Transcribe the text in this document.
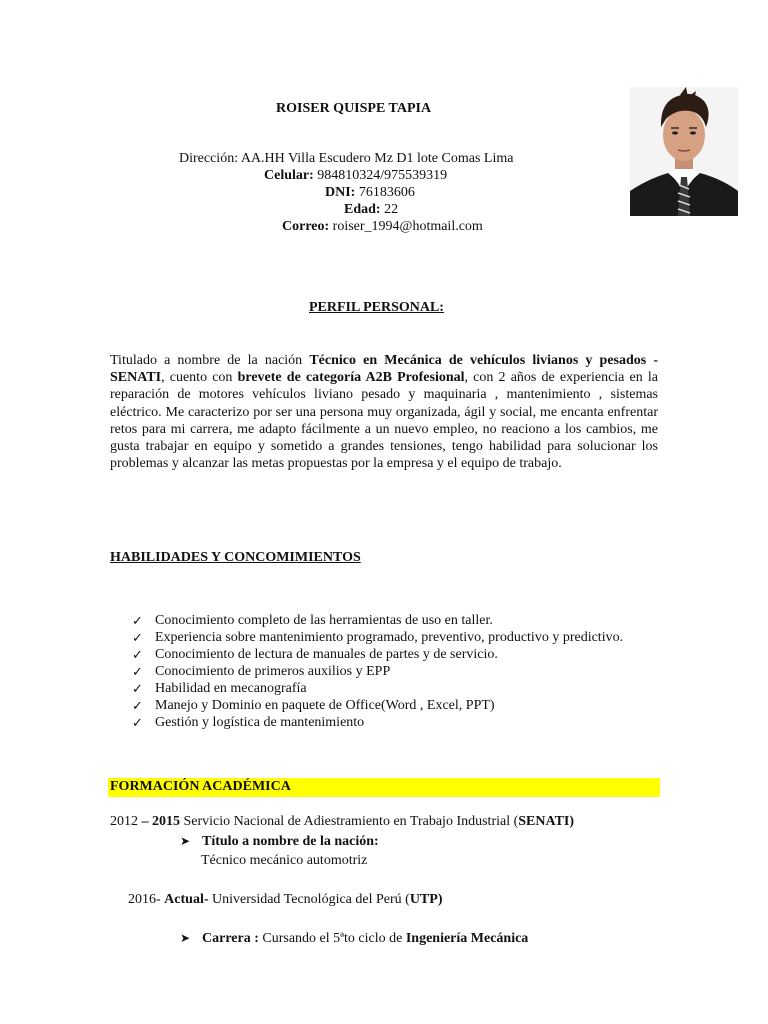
ROISER QUISPE TAPIA
Dirección: AA.HH Villa Escudero Mz D1 lote Comas Lima
Celular: 984810324/975539319
DNI: 76183606
Edad: 22
Correo: roiser_1994@hotmail.com
PERFIL PERSONAL:
Titulado a nombre de la nación Técnico en Mecánica de vehículos livianos y pesados - SENATI, cuento con brevete de categoría A2B Profesional, con 2 años de experiencia en la reparación de motores vehículos liviano pesado y maquinaria , mantenimiento , sistemas eléctrico. Me caracterizo por ser una persona muy organizada, ágil y social, me encanta enfrentar retos para mi carrera, me adapto fácilmente a un nuevo empleo, no reaciono a los cambios, me gusta trabajar en equipo y sometido a grandes tensiones, tengo habilidad para solucionar los problemas y alcanzar las metas propuestas por la empresa y el equipo de trabajo.
HABILIDADES Y CONCOMIMIENTOS
✓ Conocimiento completo de las herramientas de uso en taller.
✓ Experiencia sobre mantenimiento programado, preventivo, productivo y predictivo.
✓ Conocimiento de lectura de manuales de partes y de servicio.
✓ Conocimiento de primeros auxilios y EPP
✓ Habilidad en mecanografía
✓ Manejo y Dominio en paquete de Office(Word , Excel, PPT)
✓ Gestión y logística de mantenimiento
FORMACIÓN ACADÉMICA
2012 – 2015 Servicio Nacional de Adiestramiento en Trabajo Industrial (SENATI)
➤ Título a nombre de la nación:
Técnico mecánico automotriz
2016- Actual- Universidad Tecnológica del Perú (UTP)
➤ Carrera : Cursando el 5ªto ciclo de Ingeniería Mecánica
